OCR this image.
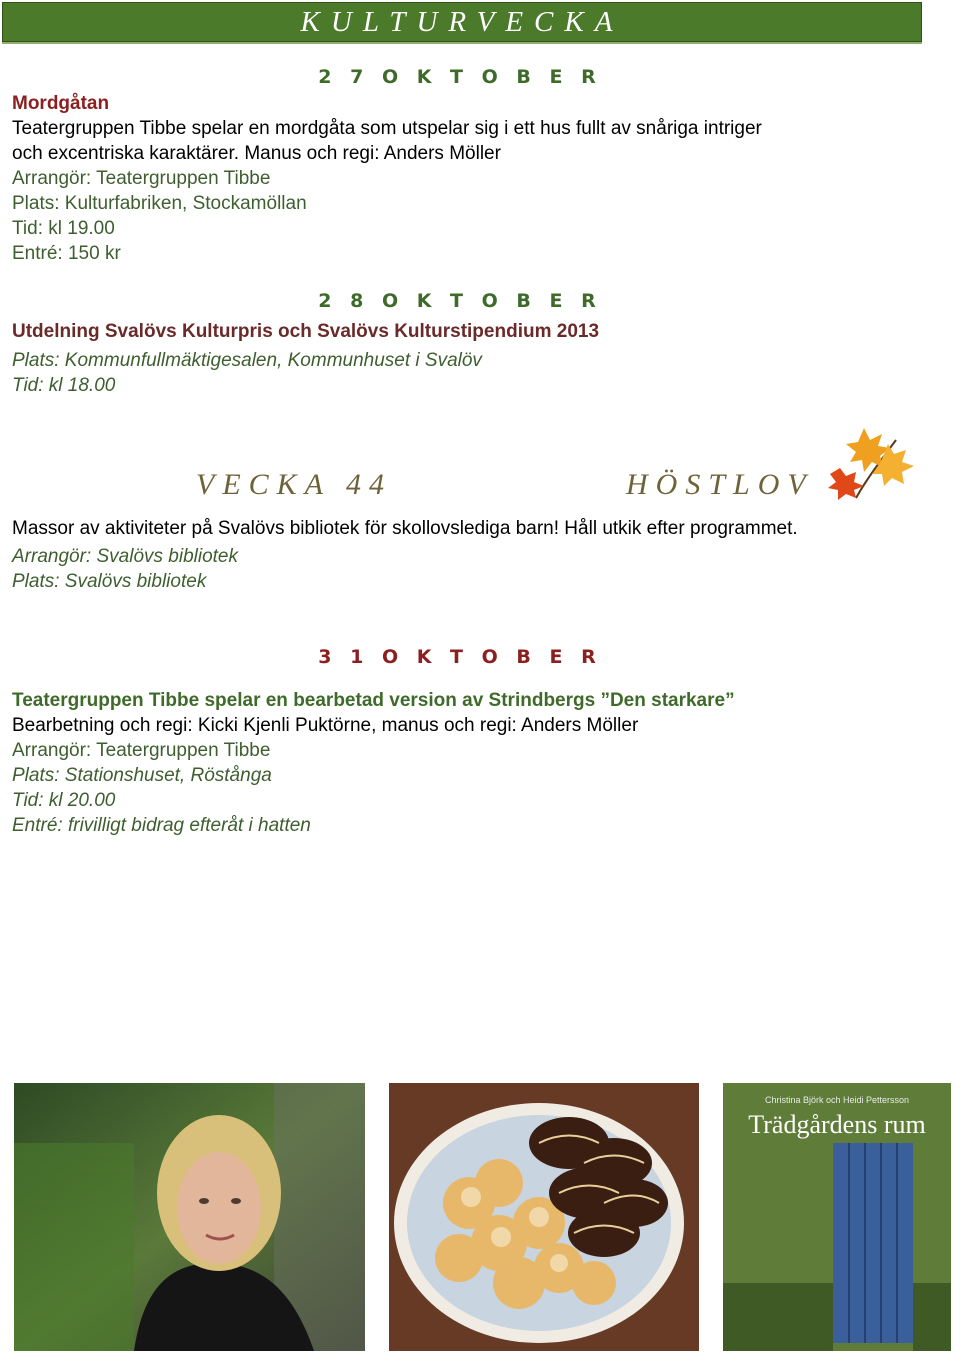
KULTURVECKA
2 7 O K T O B E R
Mordgåtan
Teatergruppen Tibbe spelar en mordgåta som utspelar sig i ett hus fullt av snåriga intriger
och excentriska karaktärer. Manus och regi: Anders Möller
Arrangör: Teatergruppen Tibbe
Plats: Kulturfabriken, Stockamöllan
Tid: kl 19.00
Entré: 150 kr
2 8 O K T O B E R
Utdelning Svalövs Kulturpris och Svalövs Kulturstipendium 2013
Plats: Kommunfullmäktigesalen, Kommunhuset i Svalöv
Tid: kl 18.00
VECKA 44	HÖSTLOV
Massor av aktiviteter på Svalövs bibliotek för skollovslediga barn! Håll utkik efter programmet.
Arrangör: Svalövs bibliotek
Plats: Svalövs bibliotek
3 1 O K T O B E R
Teatergruppen Tibbe spelar en bearbetad version av Strindbergs ”Den starkare”
Bearbetning och regi: Kicki Kjenli Puktörne, manus och regi: Anders Möller
Arrangör: Teatergruppen Tibbe
Plats: Stationshuset, Röstånga
Tid: kl 20.00
Entré: frivilligt bidrag efteråt i hatten
Christina Björk och Heidi Pettersson
Trädgårdens rum
